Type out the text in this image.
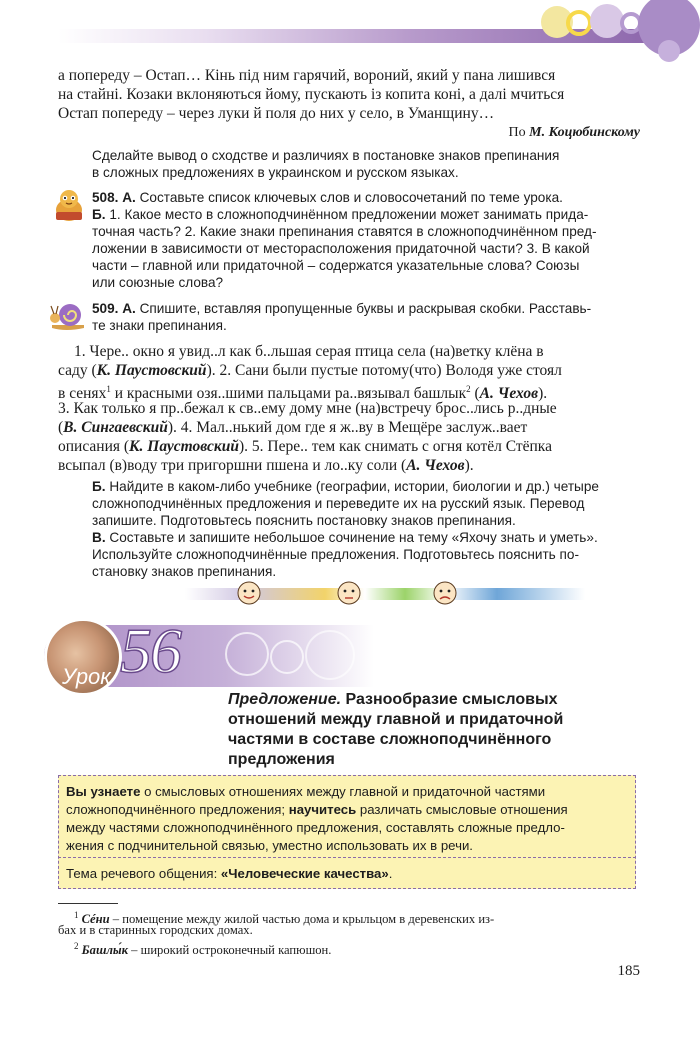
а попереду – Остап… Кінь під ним гарячий, вороний, який у пана лишився
на стайні. Козаки вклоняються йому, пускають із копита коні, а далі мчиться
Остап попереду – через луки й поля до них у село, в Уманщину…
По М. Коцюбинскому
Сделайте вывод о сходстве и различиях в постановке знаков препинания
в сложных предложениях в украинском и русском языках.
508. А. Составьте список ключевых слов и словосочетаний по теме урока.
Б. 1. Какое место в сложноподчинённом предложении может занимать прида-
точная часть? 2. Какие знаки препинания ставятся в сложноподчинённом пред-
ложении в зависимости от месторасположения придаточной части? 3. В какой
части – главной или придаточной – содержатся указательные слова? Союзы
или союзные слова?
509. А. Спишите, вставляя пропущенные буквы и раскрывая скобки. Расставь-
те знаки препинания.
1. Чере.. окно я увид..л как б..льшая серая птица села (на)ветку клёна в
саду (К. Паустовский). 2. Сани были пустые потому(что) Володя уже стоял
в сенях$^1$ и красными озя..шими пальцами ра..вязывал башлык$^2$ (А. Чехов).
3. Как только я пр..бежал к св..ему дому мне (на)встречу брос..лись р..дные
(В. Сингаевский). 4. Мал..нький дом где я ж..ву в Мещёре заслуж..вает
описания (К. Паустовский). 5. Пере.. тем как снимать с огня котёл Стёпка
всыпал (в)воду три пригоршни пшена и ло..ку соли (А. Чехов).
Б. Найдите в каком-либо учебнике (географии, истории, биологии и др.) четыре
сложноподчинённых предложения и переведите их на русский язык. Перевод
запишите. Подготовьтесь пояснить постановку знаков препинания.
В. Составьте и запишите небольшое сочинение на тему «Яхочу знать и уметь».
Используйте сложноподчинённые предложения. Подготовьтесь пояснить по-
становку знаков препинания.
Урок 56
Предложение. Разнообразие смысловых
отношений между главной и придаточной
частями в составе сложноподчинённого
предложения
Вы узнаете о смысловых отношениях между главной и придаточной частями
сложноподчинённого предложения; научитесь различать смысловые отношения
между частями сложноподчинённого предложения, составлять сложные предло-
жения с подчинительной связью, уместно использовать их в речи.
Тема речевого общения: «Человеческие качества».
$^1$ Сéни – помещение между жилой частью дома и крыльцом в деревенских из-
бах и в старинных городских домах.
$^2$ Башлы́к – широкий остроконечный капюшон.
185
